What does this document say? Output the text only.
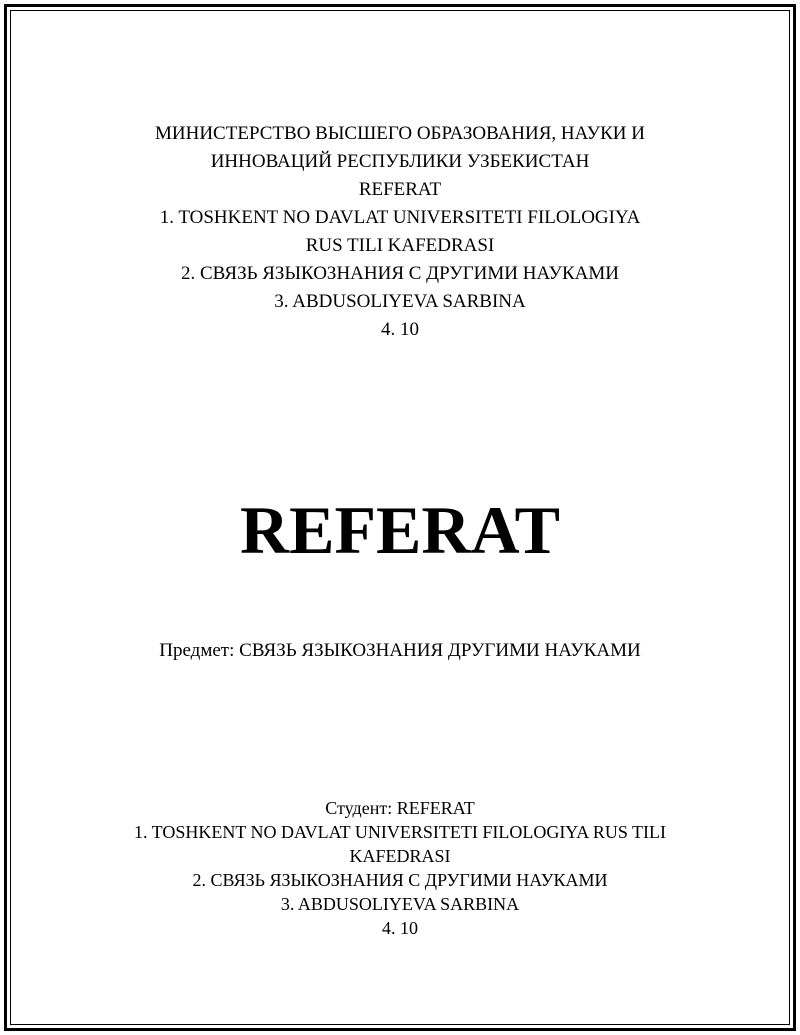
МИНИСТЕРСТВО ВЫСШЕГО ОБРАЗОВАНИЯ, НАУКИ И
ИННОВАЦИЙ РЕСПУБЛИКИ УЗБЕКИСТАН
REFERAT
1. TOSHKENT NO DAVLAT UNIVERSITETI FILOLOGIYA
RUS TILI KAFEDRASI
2. СВЯЗЬ ЯЗЫКОЗНАНИЯ С ДРУГИМИ НАУКАМИ
3. ABDUSOLIYEVA SARBINA
4. 10
REFERAT
Предмет: СВЯЗЬ ЯЗЫКОЗНАНИЯ ДРУГИМИ НАУКАМИ
Студент: REFERAT
1. TOSHKENT NO DAVLAT UNIVERSITETI FILOLOGIYA RUS TILI
KAFEDRASI
2. СВЯЗЬ ЯЗЫКОЗНАНИЯ С ДРУГИМИ НАУКАМИ
3. ABDUSOLIYEVA SARBINA
4. 10
